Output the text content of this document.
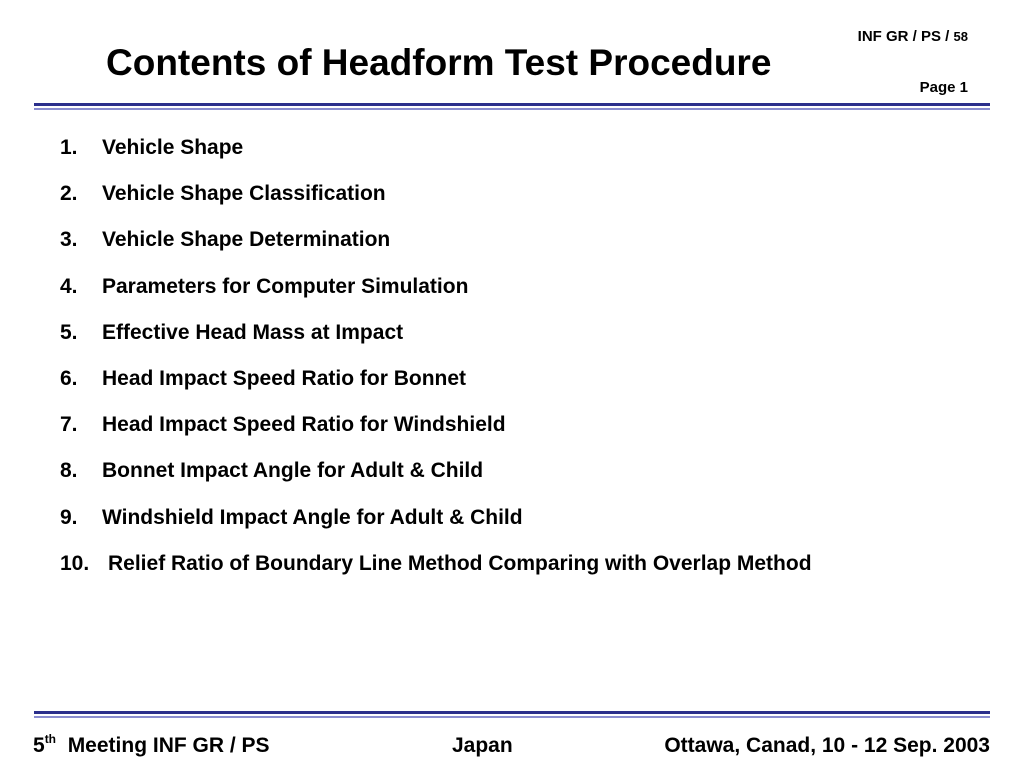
Contents of Headform Test Procedure
INF GR / PS / 58
Page 1
1. Vehicle Shape
2. Vehicle Shape Classification
3. Vehicle Shape Determination
4. Parameters for Computer Simulation
5. Effective Head Mass at Impact
6. Head Impact Speed Ratio for Bonnet
7. Head Impact Speed Ratio for Windshield
8. Bonnet Impact Angle for Adult & Child
9. Windshield Impact Angle for Adult & Child
10. Relief Ratio of Boundary Line Method Comparing with Overlap Method
5th Meeting INF GR / PS	Japan	Ottawa, Canad, 10 - 12 Sep. 2003
